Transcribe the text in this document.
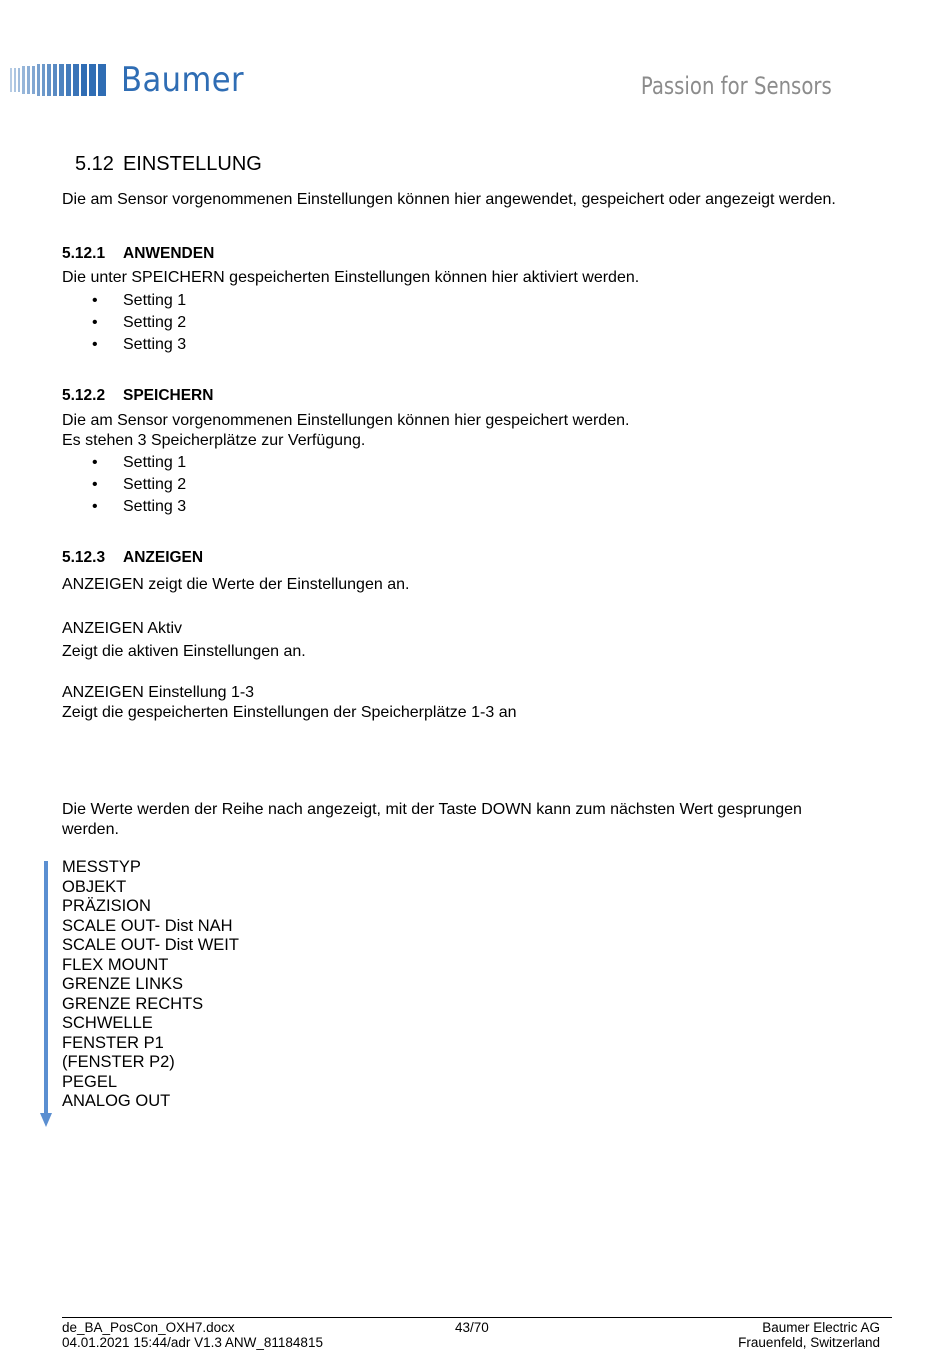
Baumer	Passion for Sensors
5.12 EINSTELLUNG
Die am Sensor vorgenommenen Einstellungen können hier angewendet, gespeichert oder angezeigt werden.
5.12.1 ANWENDEN
Die unter SPEICHERN gespeicherten Einstellungen können hier aktiviert werden.
• Setting 1
• Setting 2
• Setting 3
5.12.2 SPEICHERN
Die am Sensor vorgenommenen Einstellungen können hier gespeichert werden.
Es stehen 3 Speicherplätze zur Verfügung.
• Setting 1
• Setting 2
• Setting 3
5.12.3 ANZEIGEN
ANZEIGEN zeigt die Werte der Einstellungen an.
ANZEIGEN Aktiv
Zeigt die aktiven Einstellungen an.
ANZEIGEN Einstellung 1-3
Zeigt die gespeicherten Einstellungen der Speicherplätze 1-3 an
Die Werte werden der Reihe nach angezeigt, mit der Taste DOWN kann zum nächsten Wert gesprungen
werden.
MESSTYP
OBJEKT
PRÄZISION
SCALE OUT- Dist NAH
SCALE OUT- Dist WEIT
FLEX MOUNT
GRENZE LINKS
GRENZE RECHTS
SCHWELLE
FENSTER P1
(FENSTER P2)
PEGEL
ANALOG OUT
de_BA_PosCon_OXH7.docx
04.01.2021 15:44/adr V1.3 ANW_81184815
43/70	Baumer Electric AG
Frauenfeld, Switzerland
